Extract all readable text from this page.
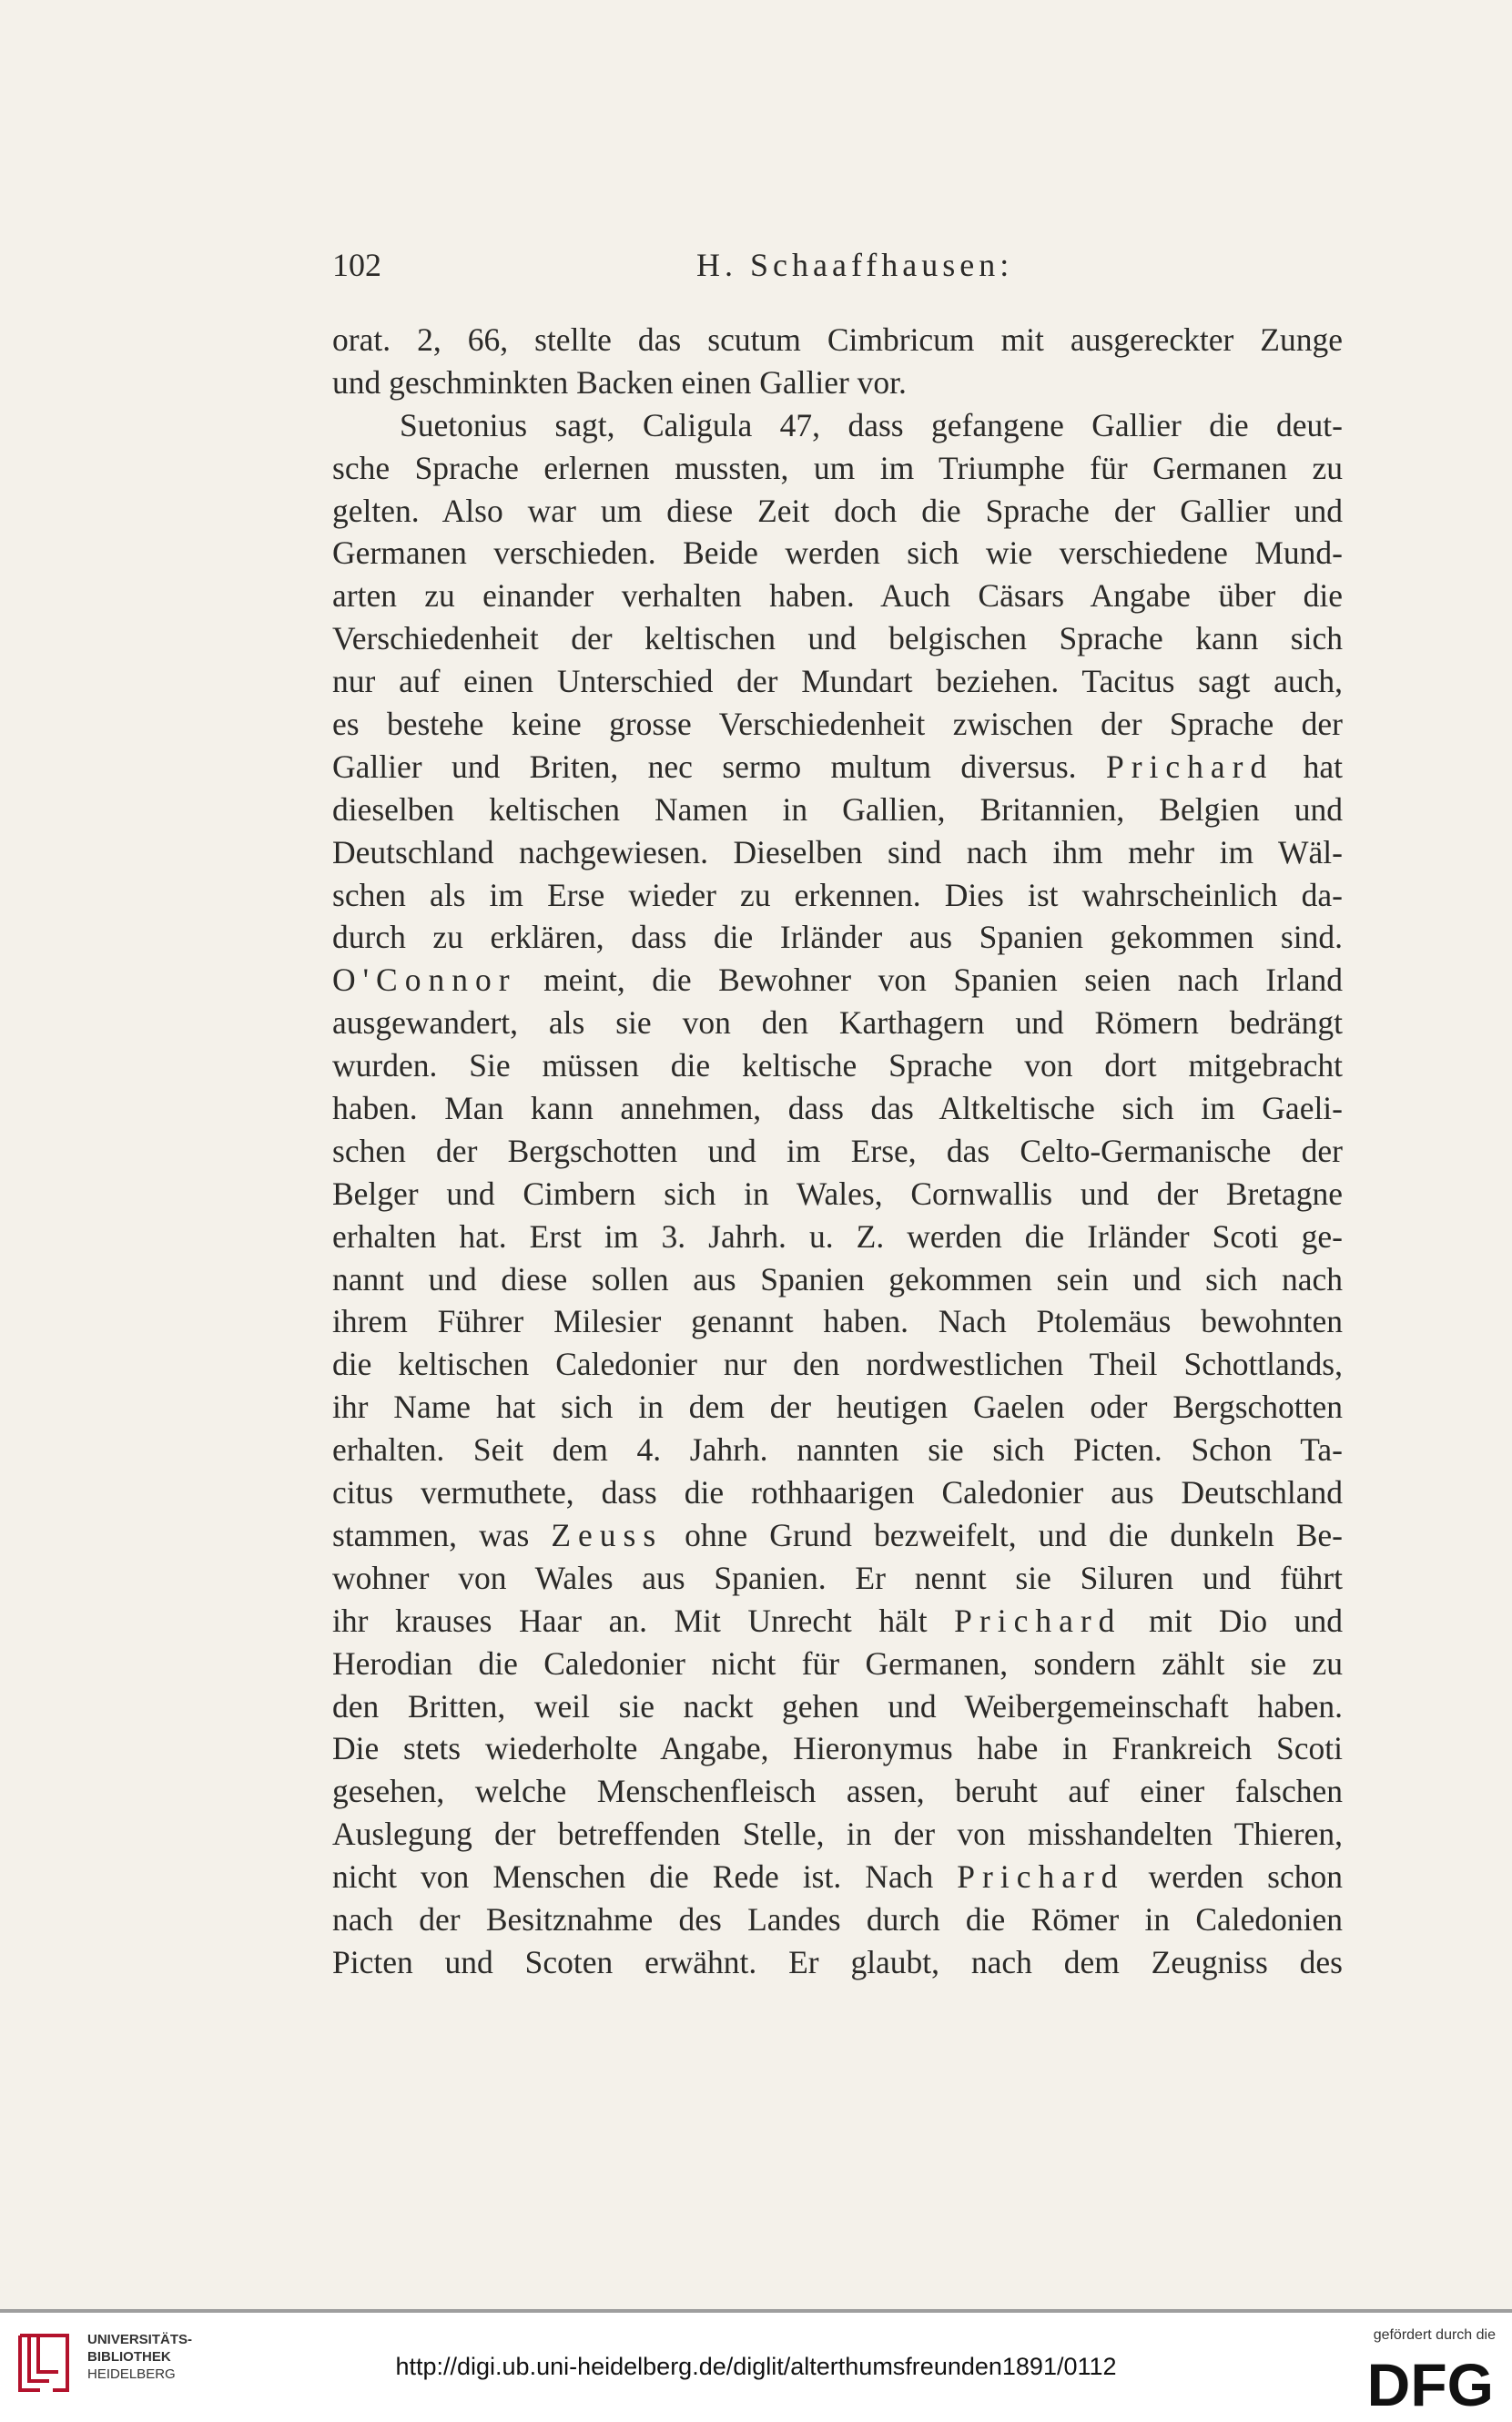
102	H. Schaaffhausen:
orat. 2, 66, stellte das scutum Cimbricum mit ausgereckter Zunge
und geschminkten Backen einen Gallier vor.
Suetonius sagt, Caligula 47, dass gefangene Gallier die deut-
sche Sprache erlernen mussten, um im Triumphe für Germanen zu
gelten. Also war um diese Zeit doch die Sprache der Gallier und
Germanen verschieden. Beide werden sich wie verschiedene Mund-
arten zu einander verhalten haben. Auch Cäsars Angabe über die
Verschiedenheit der keltischen und belgischen Sprache kann sich
nur auf einen Unterschied der Mundart beziehen. Tacitus sagt auch,
es bestehe keine grosse Verschiedenheit zwischen der Sprache der
Gallier und Briten, nec sermo multum diversus. Prichard hat
dieselben keltischen Namen in Gallien, Britannien, Belgien und
Deutschland nachgewiesen. Dieselben sind nach ihm mehr im Wäl-
schen als im Erse wieder zu erkennen. Dies ist wahrscheinlich da-
durch zu erklären, dass die Irländer aus Spanien gekommen sind.
O'Connor meint, die Bewohner von Spanien seien nach Irland
ausgewandert, als sie von den Karthagern und Römern bedrängt
wurden. Sie müssen die keltische Sprache von dort mitgebracht
haben. Man kann annehmen, dass das Altkeltische sich im Gaeli-
schen der Bergschotten und im Erse, das Celto-Germanische der
Belger und Cimbern sich in Wales, Cornwallis und der Bretagne
erhalten hat. Erst im 3. Jahrh. u. Z. werden die Irländer Scoti ge-
nannt und diese sollen aus Spanien gekommen sein und sich nach
ihrem Führer Milesier genannt haben. Nach Ptolemäus bewohnten
die keltischen Caledonier nur den nordwestlichen Theil Schottlands,
ihr Name hat sich in dem der heutigen Gaelen oder Bergschotten
erhalten. Seit dem 4. Jahrh. nannten sie sich Picten. Schon Ta-
citus vermuthete, dass die rothhaarigen Caledonier aus Deutschland
stammen, was Zeuss ohne Grund bezweifelt, und die dunkeln Be-
wohner von Wales aus Spanien. Er nennt sie Siluren und führt
ihr krauses Haar an. Mit Unrecht hält Prichard mit Dio und
Herodian die Caledonier nicht für Germanen, sondern zählt sie zu
den Britten, weil sie nackt gehen und Weibergemeinschaft haben.
Die stets wiederholte Angabe, Hieronymus habe in Frankreich Scoti
gesehen, welche Menschenfleisch assen, beruht auf einer falschen
Auslegung der betreffenden Stelle, in der von misshandelten Thieren,
nicht von Menschen die Rede ist. Nach Prichard werden schon
nach der Besitznahme des Landes durch die Römer in Caledonien
Picten und Scoten erwähnt. Er glaubt, nach dem Zeugniss des
UNIVERSITÄTS-
BIBLIOTHEK
HEIDELBERG	http://digi.ub.uni-heidelberg.de/diglit/alterthumsfreunden1891/0112
gefördert durch die
DFG
